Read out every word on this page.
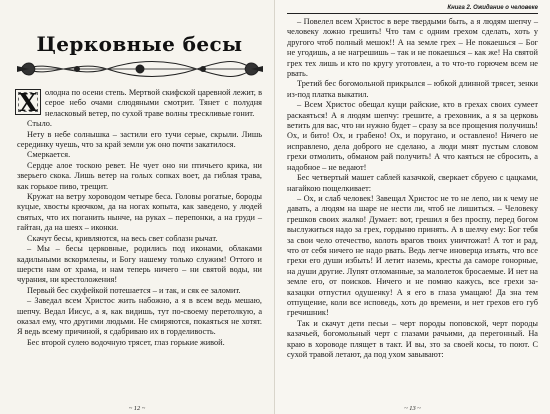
Церковные бесы
Х олодна по осени степь. Мертвой скифской царевной лежит, в серое небо очами слюдяными смотрит. Тянет с полудня неласковый ветер, по сухой траве волны трескливые гонит.

Стыло.

Нету в небе солнышка – застили его тучи серые, скрыли. Лишь серединку чуешь, что за край земли уж оно почти закатилося.

Смеркается.

Сердце алое тоскою ревет. Не чует оно ни птичьего крика, ни зверьего скока. Лишь ветер на голых сопках воет, да гиблая трава, как горькое пиво, трещит.

Кружат на ветру хороводом четыре беса. Головы рогатые, бороды куцые, хвосты крючком, да на ногах копыта, как заведено, у людей святых, что их поганить нынче, на руках – перепонки, а на груди – гайтан, да на шеях – иконки.

Скачут бесы, кривляются, на весь свет соблазн рычат.

– Мы – бесы церковные, родились под иконами, облаками кадильными вскормлены, и Богу нашему только служим! Оттого и шерсти нам от храма, и нам теперь ничего – ни святой воды, ни чурания, ни крестоложения!

Первый бес скуфейкой потешается – и так, и сяк ее заломит.

– Заведал всем Христос жить набожно, а я в всем ведь мешаю, шепчу. Ведал Иисус, а я, как видишь, тут по-своему перетолкую, а оказал ему, что другими людьми. Не смиряются, покаяться не хотят. Я ведь всему причиной, я сдабриваю их в горделивость.

Бес второй сулею водочную трясет, глаз горькие живой.

~ 12 ~
Книга 2. Ожидание о человеке

– Повелел всем Христос в вере твердыми быть, а я людям шепчу – человеку ложно грешить! Что там с одним грехом сделать, хоть у другого чтоб полный мешок!! А на земле грех – Не покаешься – Бог не угодишь, а не нагрешишь – так и не покаешься – как же! На святой грех тех лишь и кто по кругу уготовлен, а то что-то горючем всем не рвать.

Третий бес богомольной прикрылся – юбкой длинной трясет, зенки из-под платка выкатил.

– Всем Христос обещал кущи райские, кто в грехах своих сумеет раскаяться! А я людям шепчу: грешите, а греховник, а я за церковь ветить для вас, что ни нужно будет – сразу за все прощения получишь! Ох, и бито! Ох, и грабено! Ох, и поругано, и оставлено! Ничего не исправлено, дела доброго не сделано, а люди мнят пустым словом грехи отмолить, обманом рай получить! А что каяться не сбросить, а надобное – не ведают!

Бес четвертый машет саблей казачкой, сверкает сбруею с цацками, нагайкою пощелкивает:

– Ох, и слаб человек! Завещал Христос не то не лепо, ни к чему не давать, а людям на шаре не нести ли, чтоб не лишиться. – Человеку грешков своих жалко! Думает: вот, грешил я без проспу, перед богом выслужиться надо за грех, гордыню принять. А в шелчу ему: Бог тебя за свои чело отечество, колоть врагов твоих уничтожат! А тот и рад, что от себя ничего не надо рвать. Ведь легче иноверца изъять, что все грехи его души избыть! И летит наземь, кресты да саморе гонорные, на души другие. Лупят отломанные, за малолеток бросаемые. И нет на земле его, от поисков. Ничего и не помню кажусь, все грехи за-казацки отпустил одушенку! А я его в глаза умащаю! Да зна тем отпущение, коли все исповедь, хоть до времени, и нет грехов его губ гречишник!

Так и скачут дети песьи – черт породы поповской, черт породы казачьей, богомольный черт с глазами рачьими, да перегонный. На краю в хороводе плящет в такт. И вы, зто за своей косы, то поют. С сухой травой летают, да под ухом завывают:

~ 13 ~
